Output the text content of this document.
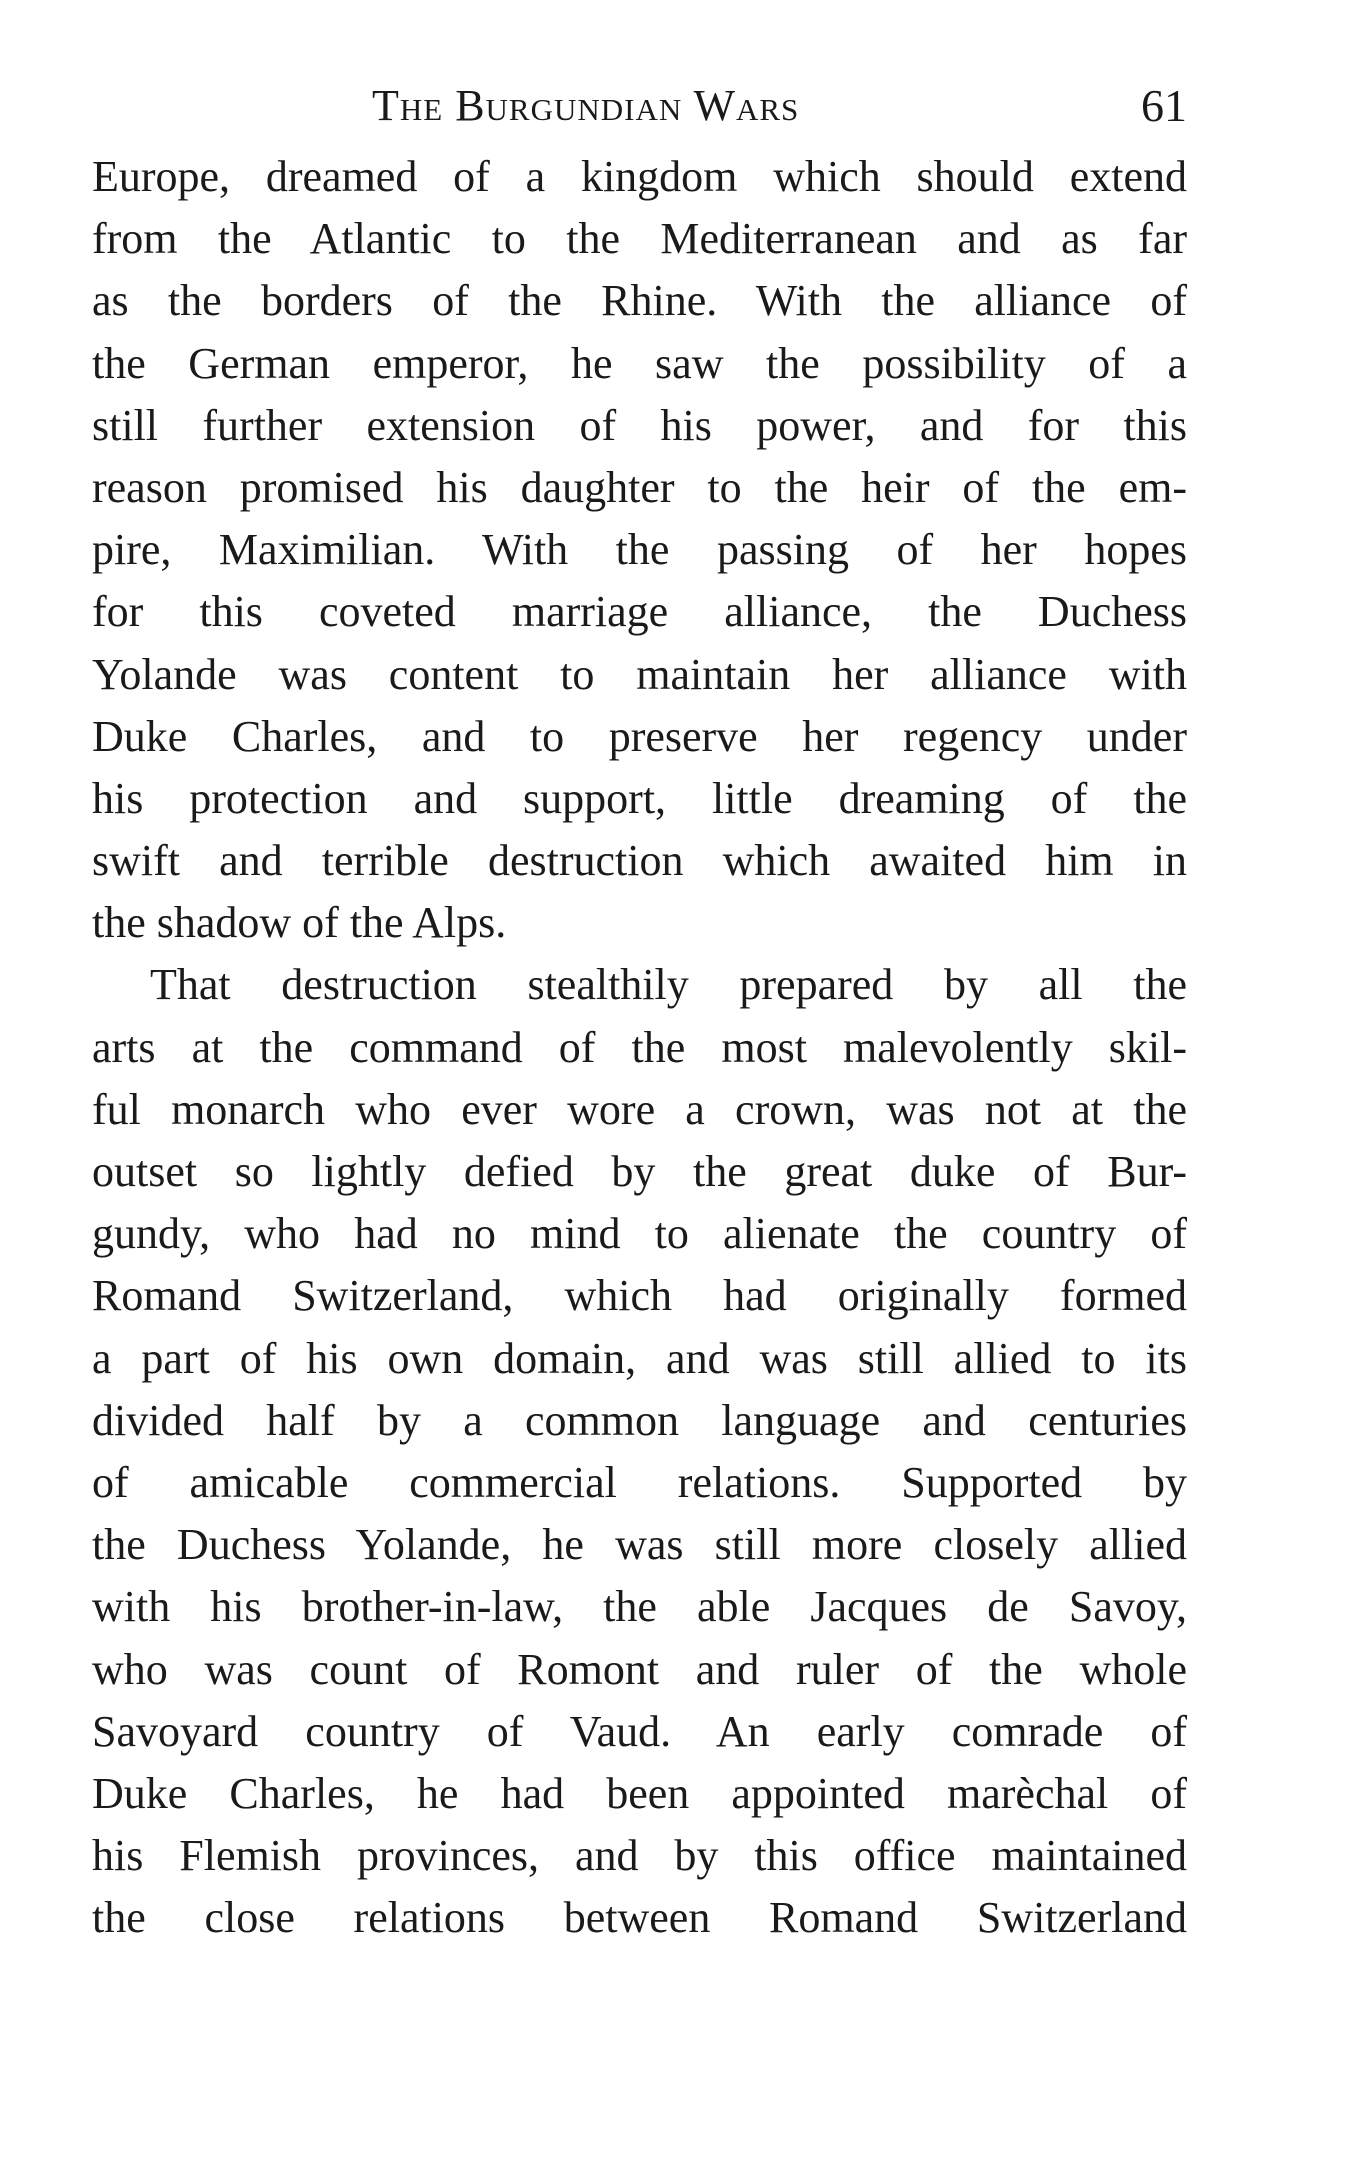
The Burgundian Wars	61
Europe, dreamed of a kingdom which should extend
from the Atlantic to the Mediterranean and as far
as the borders of the Rhine. With the alliance of
the German emperor, he saw the possibility of a
still further extension of his power, and for this
reason promised his daughter to the heir of the em-
pire, Maximilian. With the passing of her hopes
for this coveted marriage alliance, the Duchess
Yolande was content to maintain her alliance with
Duke Charles, and to preserve her regency under
his protection and support, little dreaming of the
swift and terrible destruction which awaited him in
the shadow of the Alps.
That destruction stealthily prepared by all the
arts at the command of the most malevolently skil-
ful monarch who ever wore a crown, was not at the
outset so lightly defied by the great duke of Bur-
gundy, who had no mind to alienate the country of
Romand Switzerland, which had originally formed
a part of his own domain, and was still allied to its
divided half by a common language and centuries
of amicable commercial relations. Supported by
the Duchess Yolande, he was still more closely allied
with his brother-in-law, the able Jacques de Savoy,
who was count of Romont and ruler of the whole
Savoyard country of Vaud. An early comrade of
Duke Charles, he had been appointed marèchal of
his Flemish provinces, and by this office maintained
the close relations between Romand Switzerland
